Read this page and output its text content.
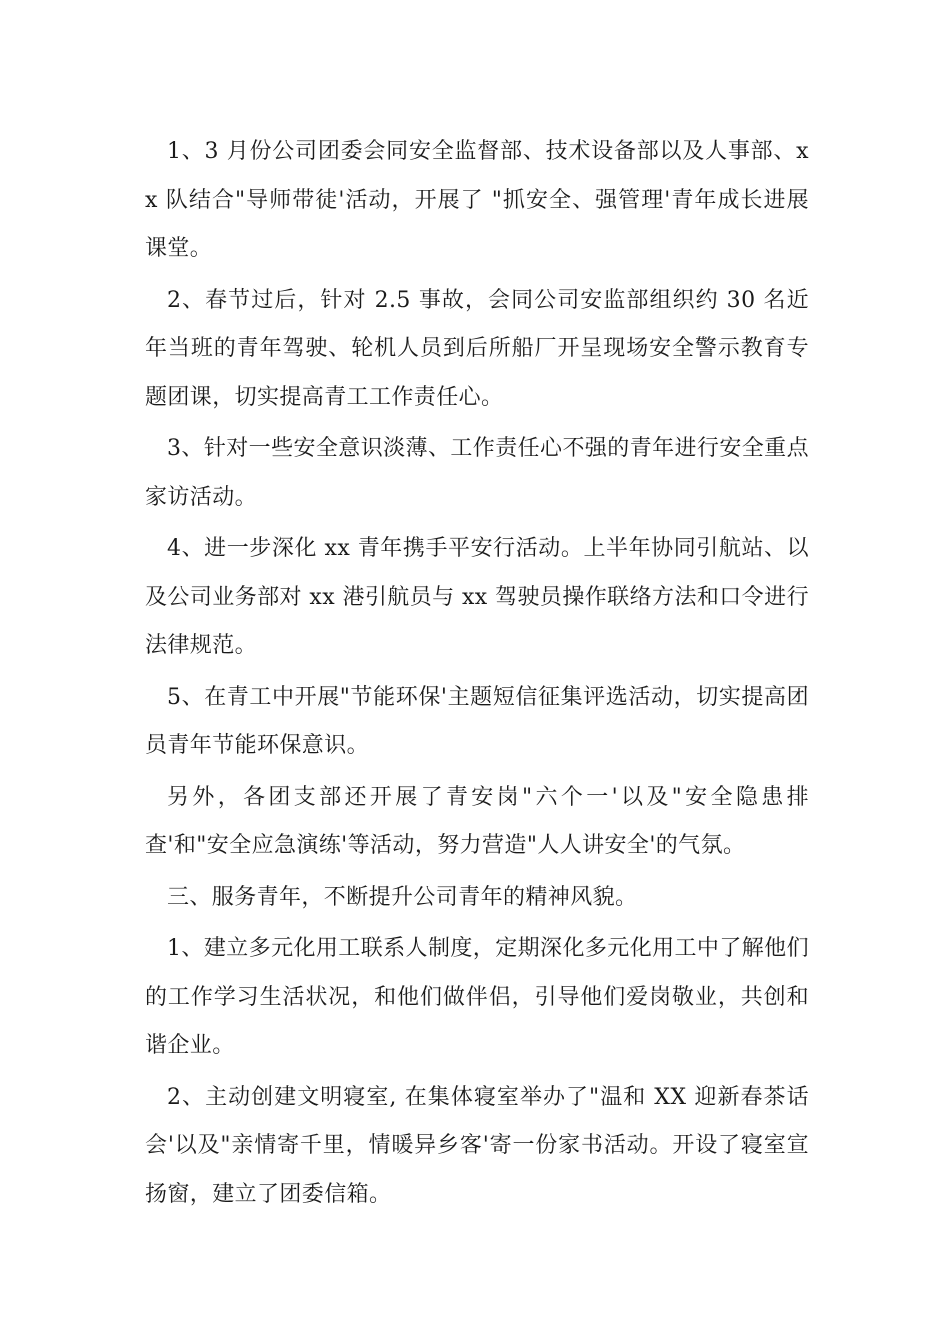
1、3 月份公司团委会同安全监督部、技术设备部以及人事部、xx 队结合"导师带徒'活动，开展了 "抓安全、强管理'青年成长进展课堂。

2、春节过后，针对 2.5 事故，会同公司安监部组织约 30 名近年当班的青年驾驶、轮机人员到后所船厂开呈现场安全警示教育专题团课，切实提高青工工作责任心。

3、针对一些安全意识淡薄、工作责任心不强的青年进行安全重点家访活动。

4、进一步深化 xx 青年携手平安行活动。上半年协同引航站、以及公司业务部对 xx 港引航员与 xx 驾驶员操作联络方法和口令进行法律规范。

5、在青工中开展"节能环保'主题短信征集评选活动，切实提高团员青年节能环保意识。

另外，各团支部还开展了青安岗"六个一'以及"安全隐患排查'和"安全应急演练'等活动，努力营造"人人讲安全'的气氛。

三、服务青年，不断提升公司青年的精神风貌。

1、建立多元化用工联系人制度，定期深化多元化用工中了解他们的工作学习生活状况，和他们做伴侣，引导他们爱岗敬业，共创和谐企业。

2、主动创建文明寝室, 在集体寝室举办了"温和 XX 迎新春茶话会'以及"亲情寄千里，情暖异乡客'寄一份家书活动。开设了寝室宣扬窗，建立了团委信箱。
